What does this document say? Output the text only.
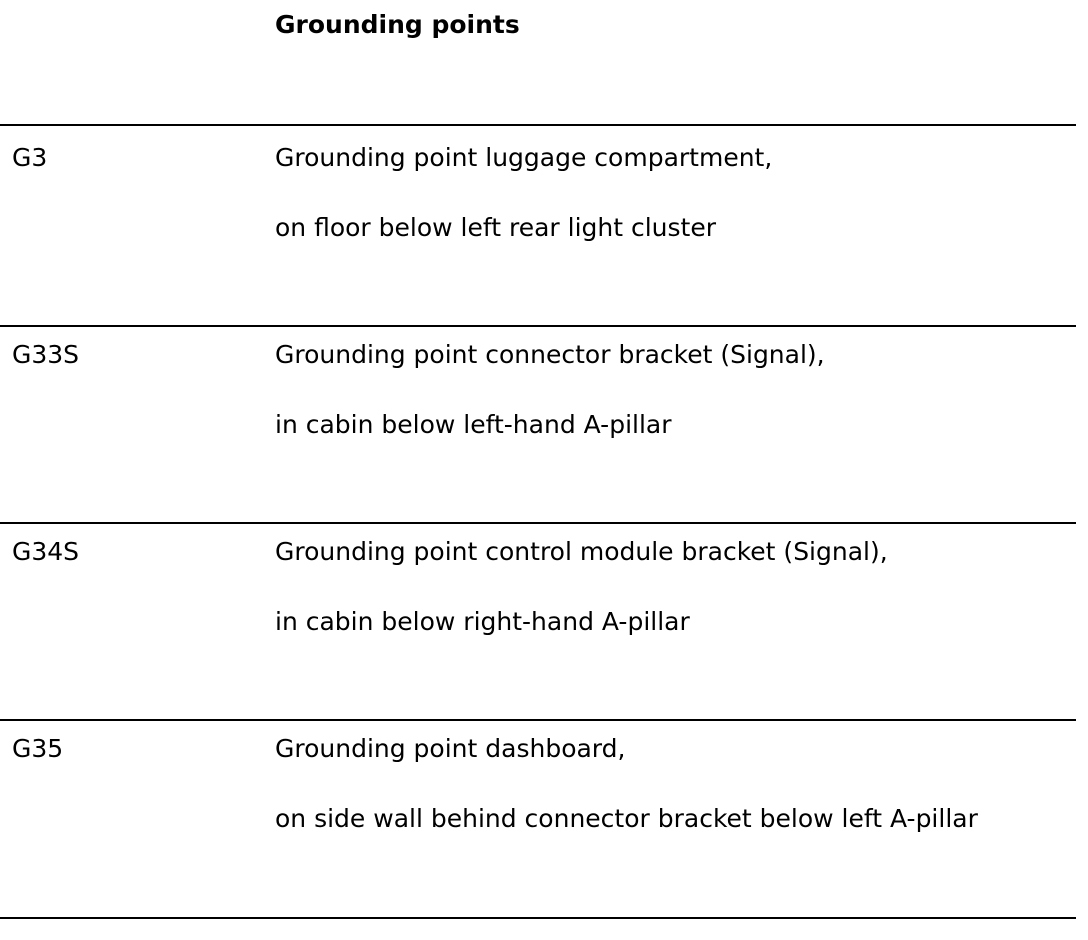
Grounding points
G3	Grounding point luggage compartment,
on floor below left rear light cluster
G33S	Grounding point connector bracket (Signal),
in cabin below left-hand A-pillar
G34S	Grounding point control module bracket (Signal),
in cabin below right-hand A-pillar
G35	Grounding point dashboard,
on side wall behind connector bracket below left A-pillar
